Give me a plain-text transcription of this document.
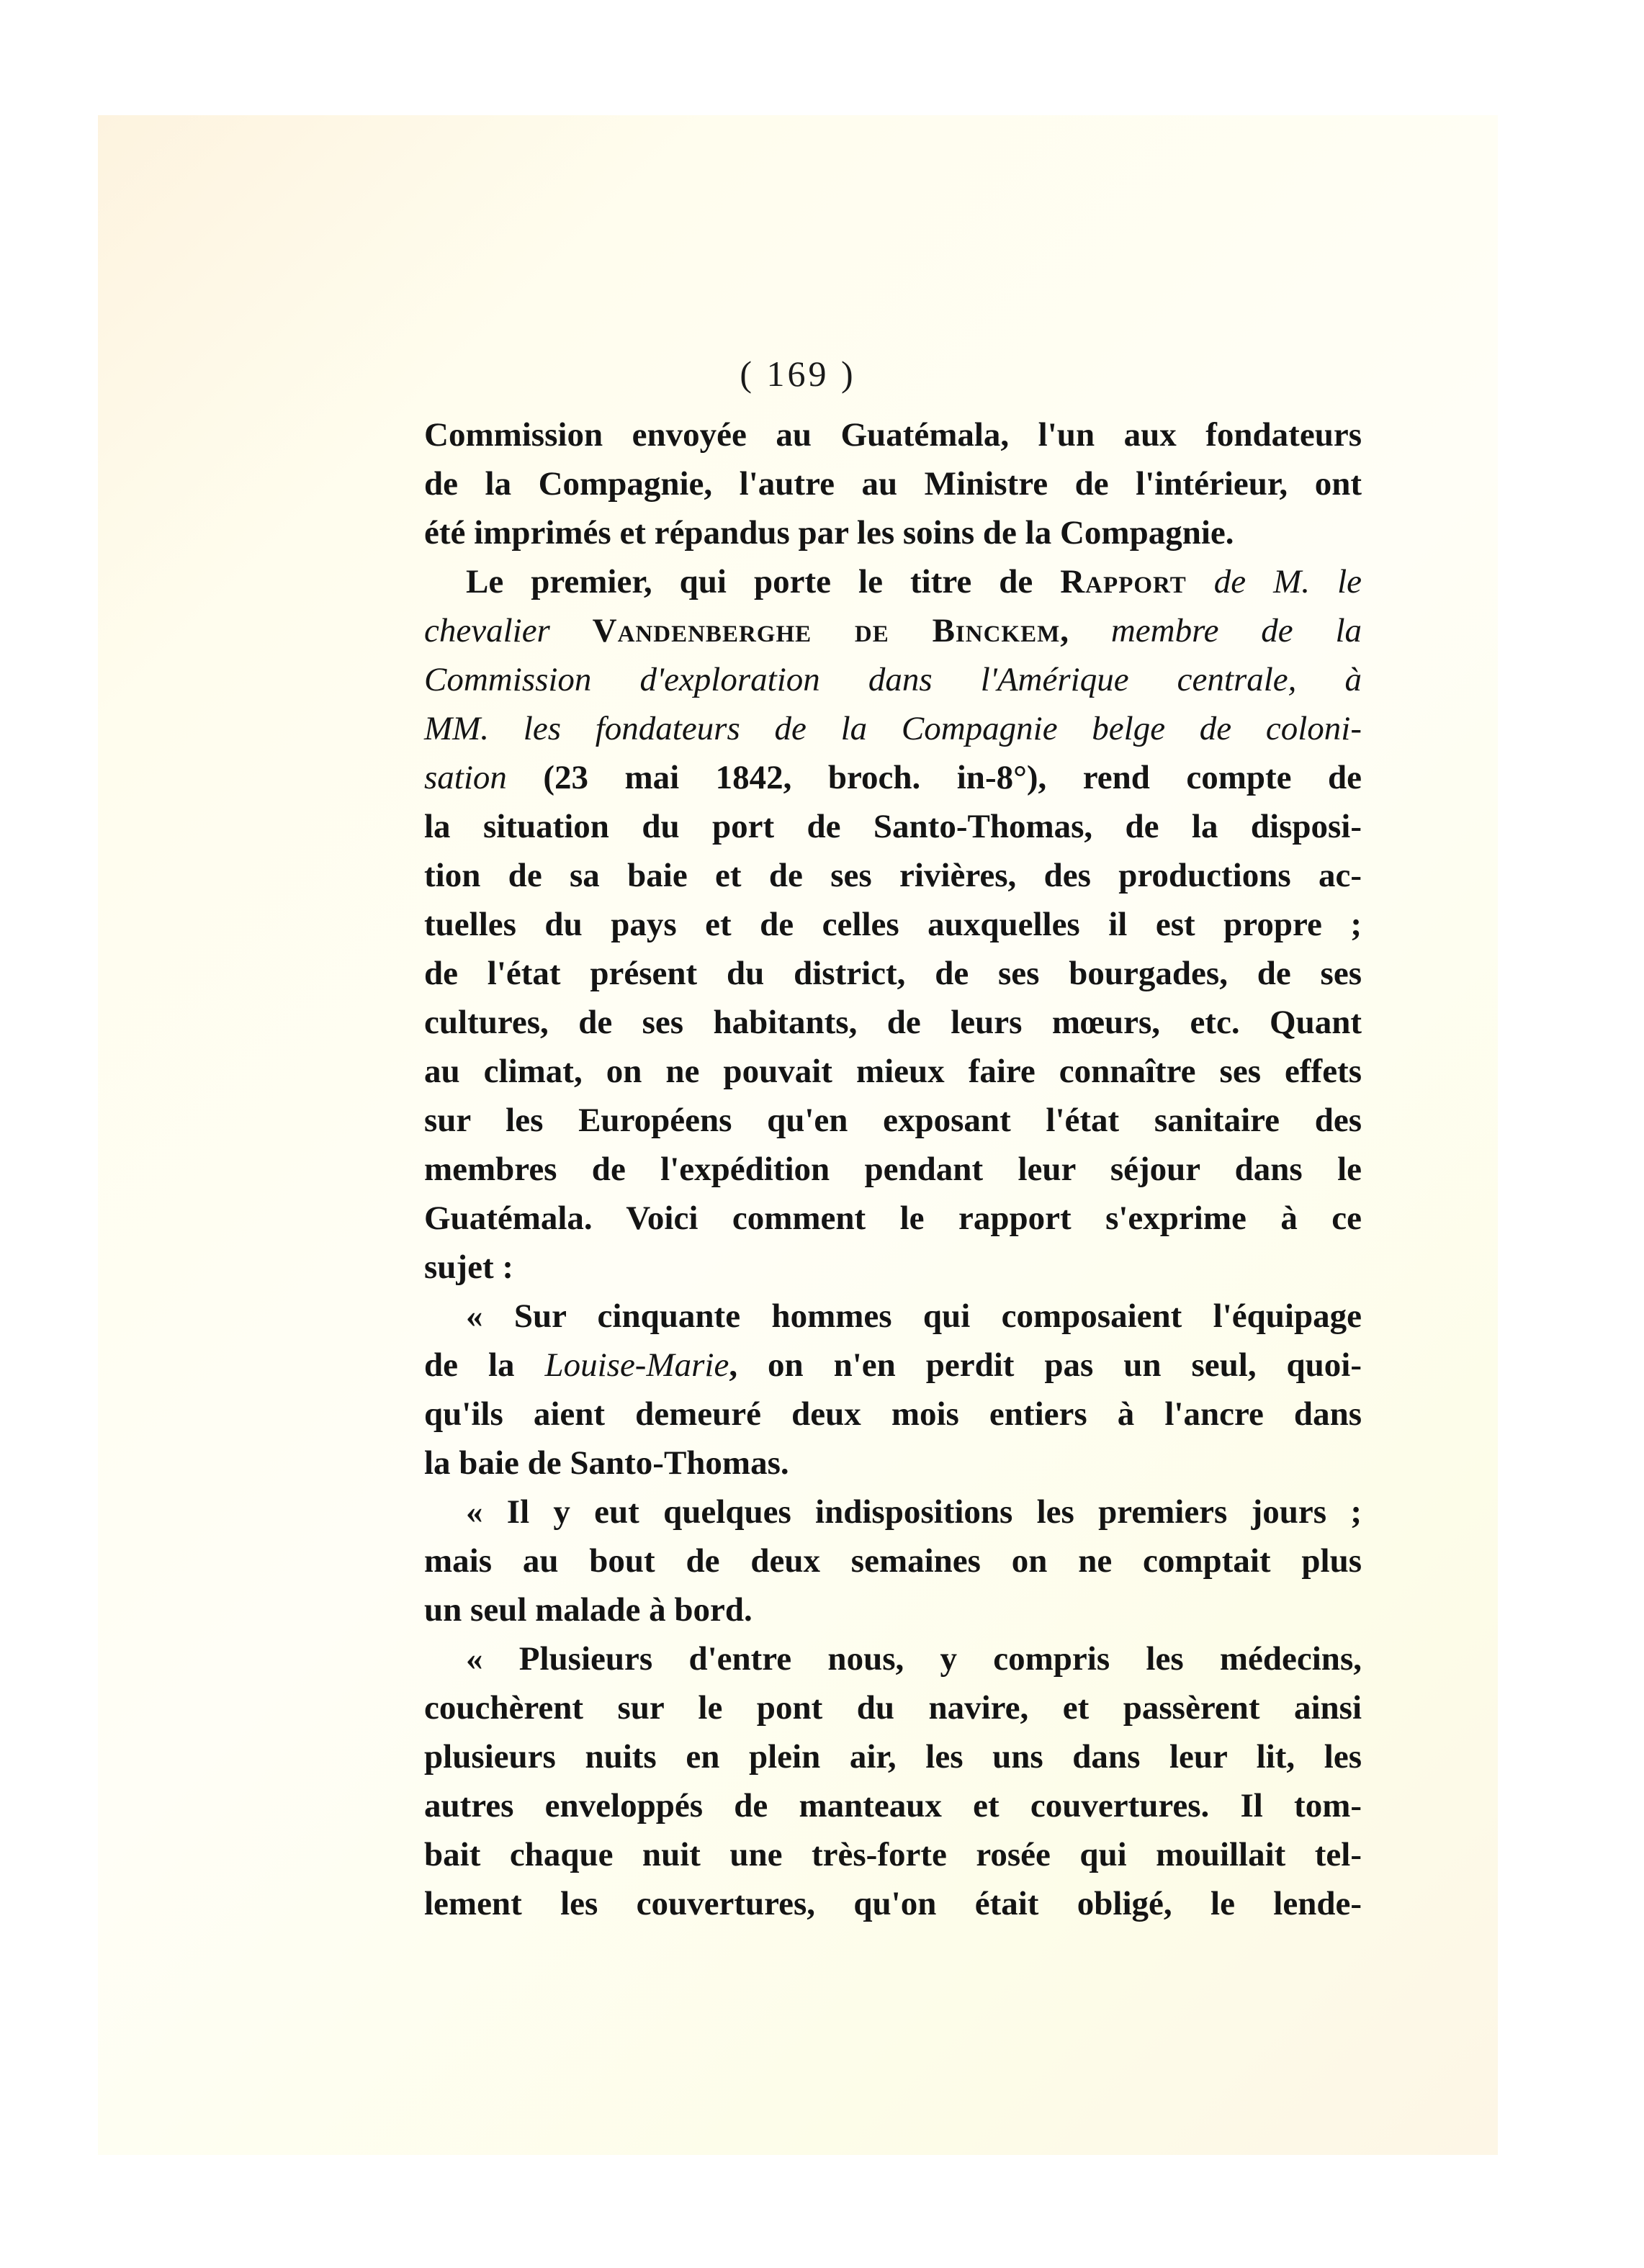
( 169 )
Commission envoyée au Guatémala, l'un aux fondateurs
de la Compagnie, l'autre au Ministre de l'intérieur, ont
été imprimés et répandus par les soins de la Compagnie.
Le premier, qui porte le titre de Rapport de M. le
chevalier Vandenberghe de Binckem, membre de la
Commission d'exploration dans l'Amérique centrale, à
MM. les fondateurs de la Compagnie belge de coloni-
sation (23 mai 1842, broch. in-8°), rend compte de
la situation du port de Santo-Thomas, de la disposi-
tion de sa baie et de ses rivières, des productions ac-
tuelles du pays et de celles auxquelles il est propre ;
de l'état présent du district, de ses bourgades, de ses
cultures, de ses habitants, de leurs mœurs, etc. Quant
au climat, on ne pouvait mieux faire connaître ses effets
sur les Européens qu'en exposant l'état sanitaire des
membres de l'expédition pendant leur séjour dans le
Guatémala. Voici comment le rapport s'exprime à ce
sujet :
« Sur cinquante hommes qui composaient l'équipage
de la Louise-Marie, on n'en perdit pas un seul, quoi-
qu'ils aient demeuré deux mois entiers à l'ancre dans
la baie de Santo-Thomas.
« Il y eut quelques indispositions les premiers jours ;
mais au bout de deux semaines on ne comptait plus
un seul malade à bord.
« Plusieurs d'entre nous, y compris les médecins,
couchèrent sur le pont du navire, et passèrent ainsi
plusieurs nuits en plein air, les uns dans leur lit, les
autres enveloppés de manteaux et couvertures. Il tom-
bait chaque nuit une très-forte rosée qui mouillait tel-
lement les couvertures, qu'on était obligé, le lende-
